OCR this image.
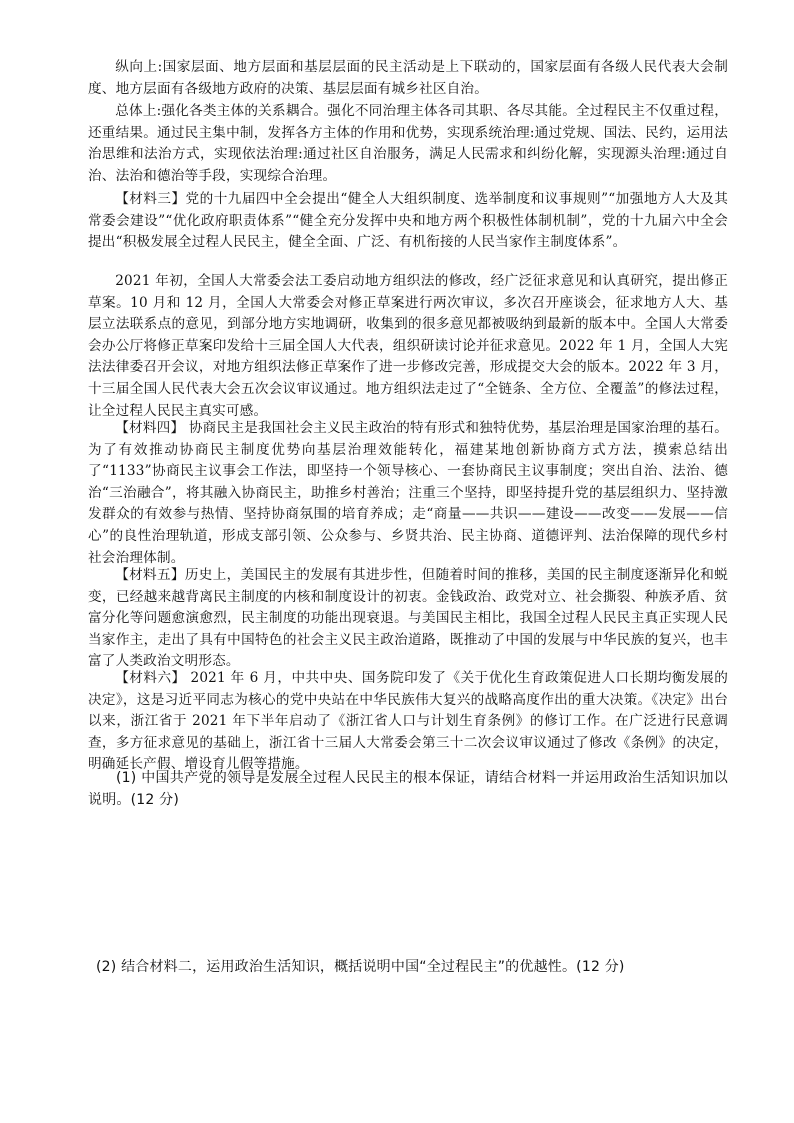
纵向上:国家层面、地方层面和基层层面的民主活动是上下联动的，国家层面有各级人民代表大会制度、地方层面有各级地方政府的决策、基层层面有城乡社区自治。

总体上:强化各类主体的关系耦合。强化不同治理主体各司其职、各尽其能。全过程民主不仅重过程，还重结果。通过民主集中制，发挥各方主体的作用和优势，实现系统治理:通过党规、国法、民约，运用法治思维和法治方式，实现依法治理:通过社区自治服务，满足人民需求和纠纷化解，实现源头治理:通过自治、法治和德治等手段，实现综合治理。

【材料三】党的十九届四中全会提出“健全人大组织制度、选举制度和议事规则”“加强地方人大及其常委会建设”“优化政府职责体系”“健全充分发挥中央和地方两个积极性体制机制”，党的十九届六中全会提出“积极发展全过程人民民主，健全全面、广泛、有机衔接的人民当家作主制度体系”。

2021 年初，全国人大常委会法工委启动地方组织法的修改，经广泛征求意见和认真研究，提出修正草案。10 月和 12 月，全国人大常委会对修正草案进行两次审议，多次召开座谈会，征求地方人大、基层立法联系点的意见，到部分地方实地调研，收集到的很多意见都被吸纳到最新的版本中。全国人大常委会办公厅将修正草案印发给十三届全国人大代表，组织研读讨论并征求意见。2022 年 1 月，全国人大宪法法律委召开会议，对地方组织法修正草案作了进一步修改完善，形成提交大会的版本。2022 年 3 月，十三届全国人民代表大会五次会议审议通过。地方组织法走过了“全链条、全方位、全覆盖”的修法过程，让全过程人民民主真实可感。

【材料四】 协商民主是我国社会主义民主政治的特有形式和独特优势，基层治理是国家治理的基石。为了有效推动协商民主制度优势向基层治理效能转化，福建某地创新协商方式方法，摸索总结出了“1133”协商民主议事会工作法，即坚持一个领导核心、一套协商民主议事制度；突出自治、法治、德治“三治融合”，将其融入协商民主，助推乡村善治；注重三个坚持，即坚持提升党的基层组织力、坚持激发群众的有效参与热情、坚持协商氛围的培育养成；走“商量——共识——建设——改变——发展——信心”的良性治理轨道，形成支部引领、公众参与、乡贤共治、民主协商、道德评判、法治保障的现代乡村社会治理体制。

【材料五】历史上，美国民主的发展有其进步性，但随着时间的推移，美国的民主制度逐渐异化和蜕变，已经越来越背离民主制度的内核和制度设计的初衷。金钱政治、政党对立、社会撕裂、种族矛盾、贫富分化等问题愈演愈烈，民主制度的功能出现衰退。与美国民主相比，我国全过程人民民主真正实现人民当家作主，走出了具有中国特色的社会主义民主政治道路，既推动了中国的发展与中华民族的复兴，也丰富了人类政治文明形态。

【材料六】 2021 年 6 月，中共中央、国务院印发了《关于优化生育政策促进人口长期均衡发展的决定》，这是习近平同志为核心的党中央站在中华民族伟大复兴的战略高度作出的重大决策。《决定》出台以来，浙江省于 2021 年下半年启动了《浙江省人口与计划生育条例》的修订工作。在广泛进行民意调查，多方征求意见的基础上，浙江省十三届人大常委会第三十二次会议审议通过了修改《条例》的决定，明确延长产假、增设育儿假等措施。

(1) 中国共产党的领导是发展全过程人民民主的根本保证，请结合材料一并运用政治生活知识加以说明。(12 分)

(2) 结合材料二，运用政治生活知识，概括说明中国“全过程民主”的优越性。(12 分)
